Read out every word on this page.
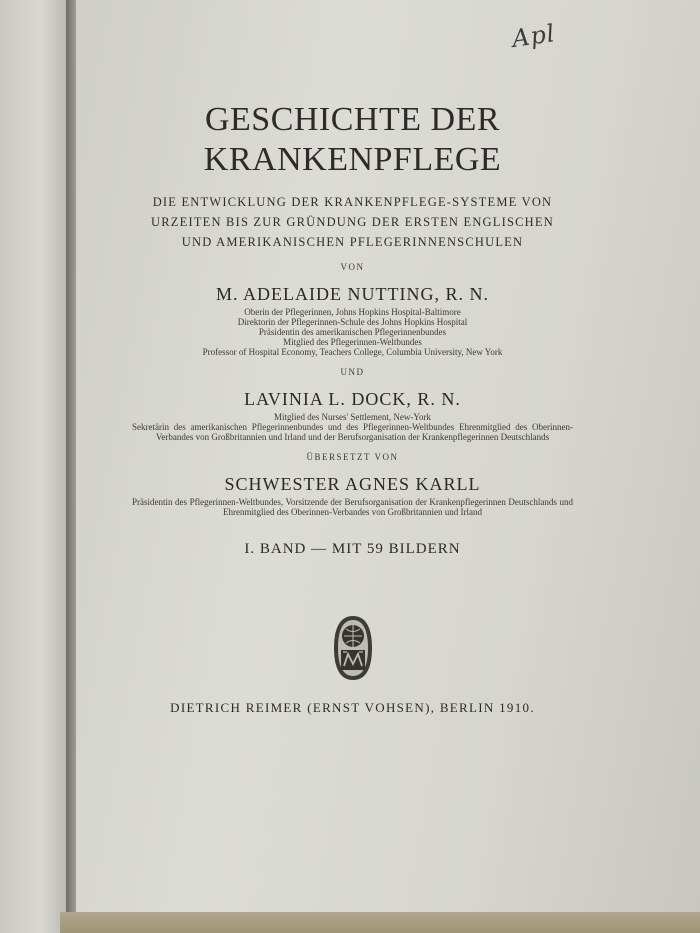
Apl
GESCHICHTE DER
KRANKENPFLEGE
DIE ENTWICKLUNG DER KRANKENPFLEGE-SYSTEME VON
URZEITEN BIS ZUR GRÜNDUNG DER ERSTEN ENGLISCHEN
UND AMERIKANISCHEN PFLEGERINNENSCHULEN
VON
M. ADELAIDE NUTTING, R. N.
Oberin der Pflegerinnen, Johns Hopkins Hospital-Baltimore
Direktorin der Pflegerinnen-Schule des Johns Hopkins Hospital
Präsidentin des amerikanischen Pflegerinnenbundes
Mitglied des Pflegerinnen-Weltbundes
Professor of Hospital Economy, Teachers College, Columbia University, New York
UND
LAVINIA L. DOCK, R. N.
Mitglied des Nurses' Settlement, New-York
Sekretärin des amerikanischen Pflegerinnenbundes und des Pflegerinnen-Weltbundes Ehrenmitglied des Oberinnen-Verbandes von Großbritannien und Irland und der Berufsorganisation der Krankenpflegerinnen Deutschlands
ÜBERSETZT VON
SCHWESTER AGNES KARLL
Präsidentin des Pflegerinnen-Weltbundes, Vorsitzende der Berufsorganisation der Krankenpflegerinnen Deutschlands und Ehrenmitglied des Oberinnen-Verbandes von Großbritannien und Irland
I. BAND — MIT 59 BILDERN
DIETRICH REIMER (ERNST VOHSEN), BERLIN 1910.
